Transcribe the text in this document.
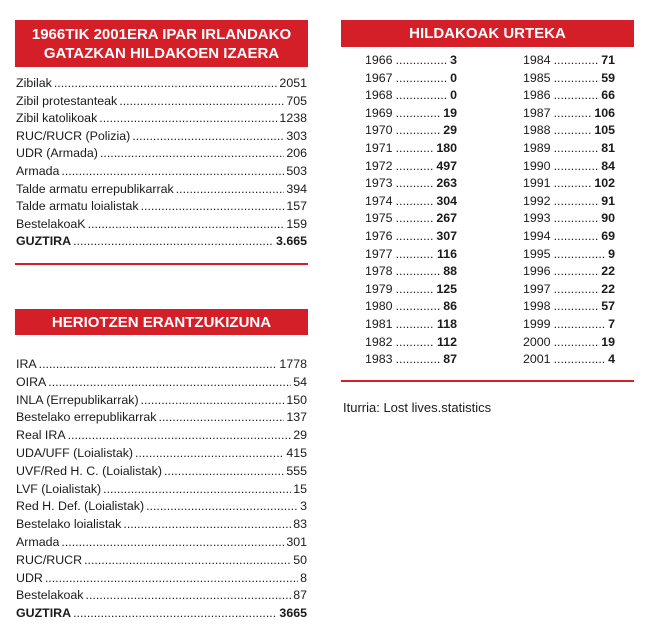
1966TIK 2001ERA IPAR IRLANDAKO
GATAZKAN HILDAKOEN IZAERA
Zibilak .....	2051
Zibil protestanteak .....	705
Zibil katolikoak .....	1238
RUC/RUCR (Polizia) .....	303
UDR (Armada) .....	206
Armada .....	503
Talde armatu errepublikarrak .....	394
Talde armatu loialistak .....	157
BestelakoaK .....	159
GUZTIRA .....	3.665
HERIOTZEN ERANTZUKIZUNA
IRA .....	1778
OIRA .....	54
INLA (Errepublikarrak) .....	150
Bestelako errepublikarrak .....	137
Real IRA .....	29
UDA/UFF (Loialistak) .....	415
UVF/Red H. C. (Loialistak) .....	555
LVF (Loialistak) .....	15
Red H. Def. (Loialistak) .....	3
Bestelako loialistak .....	83
Armada .....	301
RUC/RUCR .....	50
UDR .....	8
Bestelakoak .....	87
GUZTIRA .....	3665
HILDAKOAK URTEKA
1966 .....	3
1967 .....	0
1968 .....	0
1969 .....	19
1970 .....	29
1971 .....	180
1972 .....	497
1973 .....	263
1974 .....	304
1975 .....	267
1976 .....	307
1977 .....	116
1978 .....	88
1979 .....	125
1980 .....	86
1981 .....	118
1982 .....	112
1983 .....	87
1984 .....	71
1985 .....	59
1986 .....	66
1987 .....	106
1988 .....	105
1989 .....	81
1990 .....	84
1991 .....	102
1992 .....	91
1993 .....	90
1994 .....	69
1995 .....	9
1996 .....	22
1997 .....	22
1998 .....	57
1999 .....	7
2000 .....	19
2001 .....	4
Iturria: Lost lives.statistics
